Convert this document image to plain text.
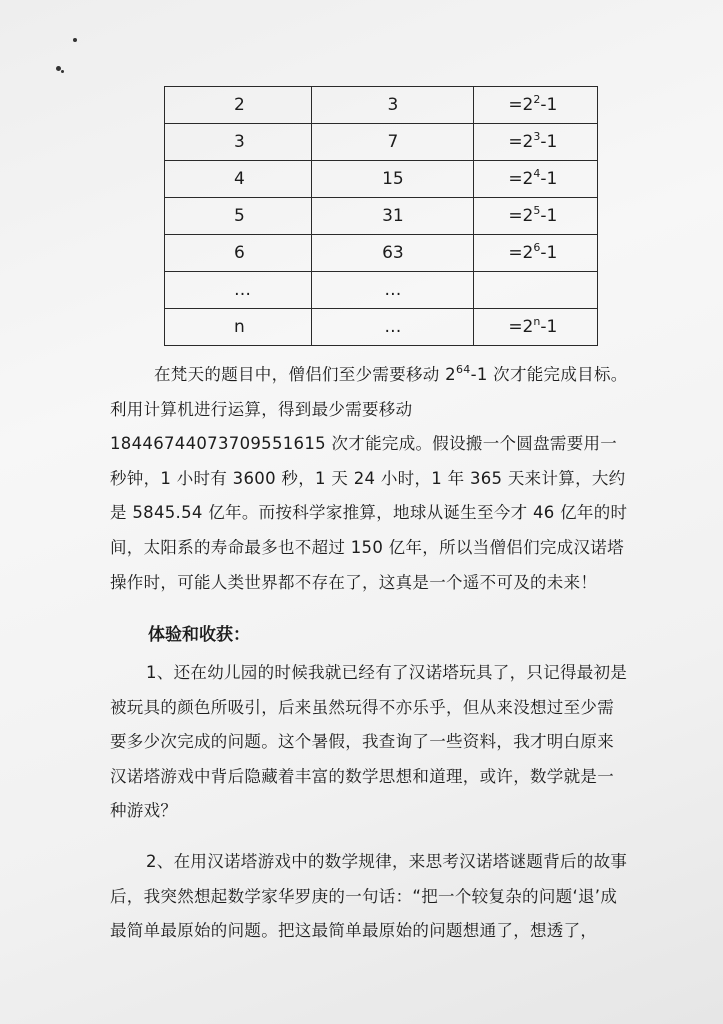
2	3	$=2^2-1$
3	7	$=2^3-1$
4	15	$=2^4-1$
5	31	$=2^5-1$
6	63	$=2^6-1$
…	…	
n	…	$=2^n-1$

在梵天的题目中，僧侣们至少需要移动 $2^{64}-1$ 次才能完成目标。利用计算机进行运算，得到最少需要移动 18446744073709551615 次才能完成。假设搬一个圆盘需要用一秒钟，1 小时有 3600 秒，1 天 24 小时，1 年 365 天来计算，大约是 5845.54 亿年。而按科学家推算，地球从诞生至今才 46 亿年的时间，太阳系的寿命最多也不超过 150 亿年，所以当僧侣们完成汉诺塔操作时，可能人类世界都不存在了，这真是一个遥不可及的未来！

体验和收获：

1、还在幼儿园的时候我就已经有了汉诺塔玩具了，只记得最初是被玩具的颜色所吸引，后来虽然玩得不亦乐乎，但从来没想过至少需要多少次完成的问题。这个暑假，我查询了一些资料，我才明白原来汉诺塔游戏中背后隐藏着丰富的数学思想和道理，或许，数学就是一种游戏？

2、在用汉诺塔游戏中的数学规律，来思考汉诺塔谜题背后的故事后，我突然想起数学家华罗庚的一句话：“把一个较复杂的问题‘退’成最简单最原始的问题。把这最简单最原始的问题想通了，想透了，
